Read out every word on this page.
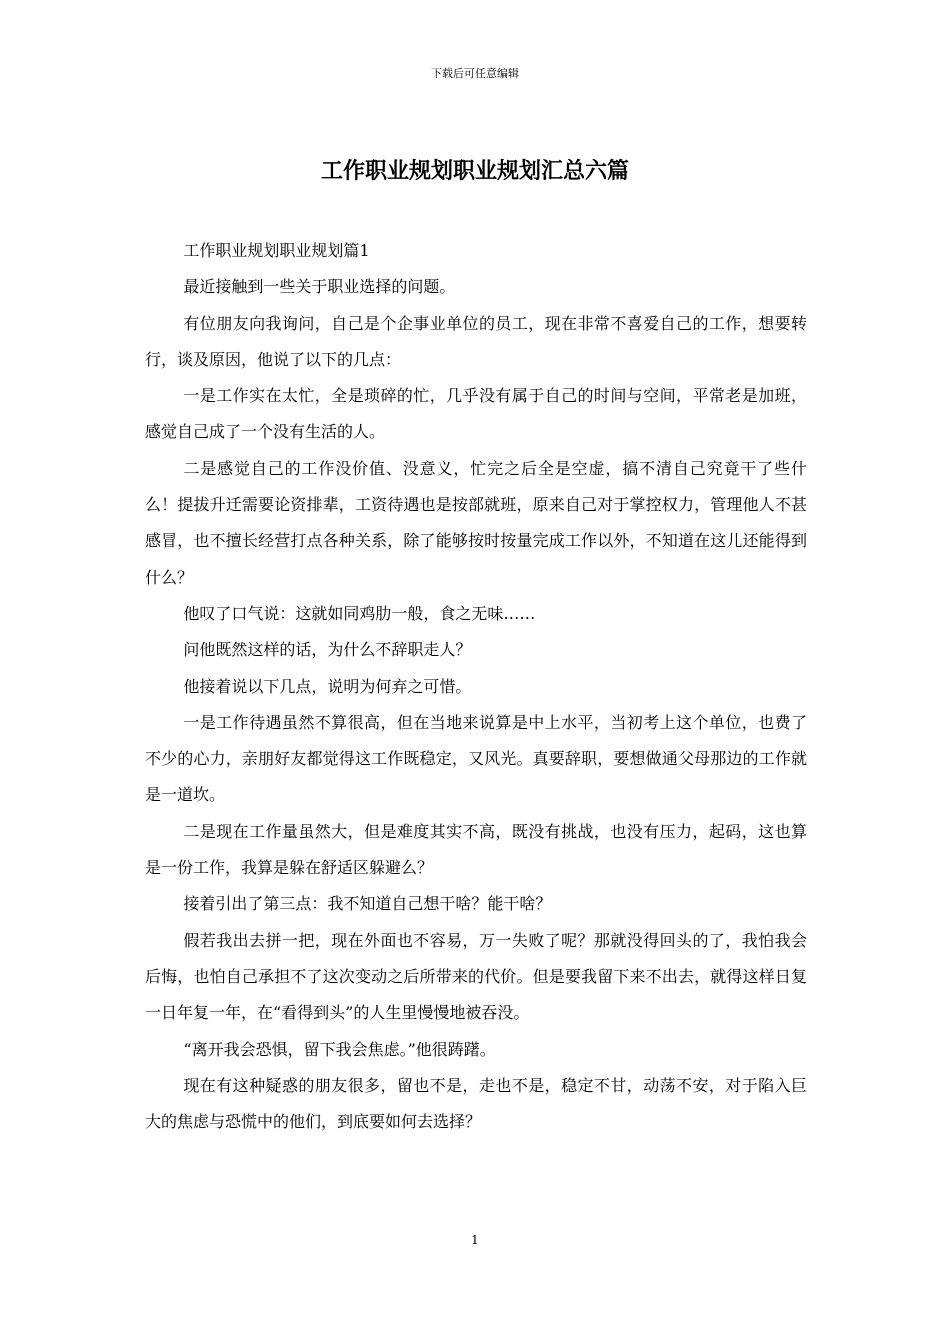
下载后可任意编辑
工作职业规划职业规划汇总六篇

工作职业规划职业规划篇1

最近接触到一些关于职业选择的问题。

有位朋友向我询问，自己是个企事业单位的员工，现在非常不喜爱自己的工作，想要转行，谈及原因，他说了以下的几点：

一是工作实在太忙，全是琐碎的忙，几乎没有属于自己的时间与空间，平常老是加班，感觉自己成了一个没有生活的人。

二是感觉自己的工作没价值、没意义，忙完之后全是空虚，搞不清自己究竟干了些什么！提拔升迁需要论资排辈，工资待遇也是按部就班，原来自己对于掌控权力，管理他人不甚感冒，也不擅长经营打点各种关系，除了能够按时按量完成工作以外，不知道在这儿还能得到什么？

他叹了口气说：这就如同鸡肋一般，食之无味……

问他既然这样的话，为什么不辞职走人？

他接着说以下几点，说明为何弃之可惜。

一是工作待遇虽然不算很高，但在当地来说算是中上水平，当初考上这个单位，也费了不少的心力，亲朋好友都觉得这工作既稳定，又风光。真要辞职，要想做通父母那边的工作就是一道坎。

二是现在工作量虽然大，但是难度其实不高，既没有挑战，也没有压力，起码，这也算是一份工作，我算是躲在舒适区躲避么？

接着引出了第三点：我不知道自己想干啥？能干啥？

假若我出去拼一把，现在外面也不容易，万一失败了呢？那就没得回头的了，我怕我会后悔，也怕自己承担不了这次变动之后所带来的代价。但是要我留下来不出去，就得这样日复一日年复一年，在“看得到头”的人生里慢慢地被吞没。

“离开我会恐惧，留下我会焦虑。”他很踌躇。

现在有这种疑惑的朋友很多，留也不是，走也不是，稳定不甘，动荡不安，对于陷入巨大的焦虑与恐慌中的他们，到底要如何去选择？

1
